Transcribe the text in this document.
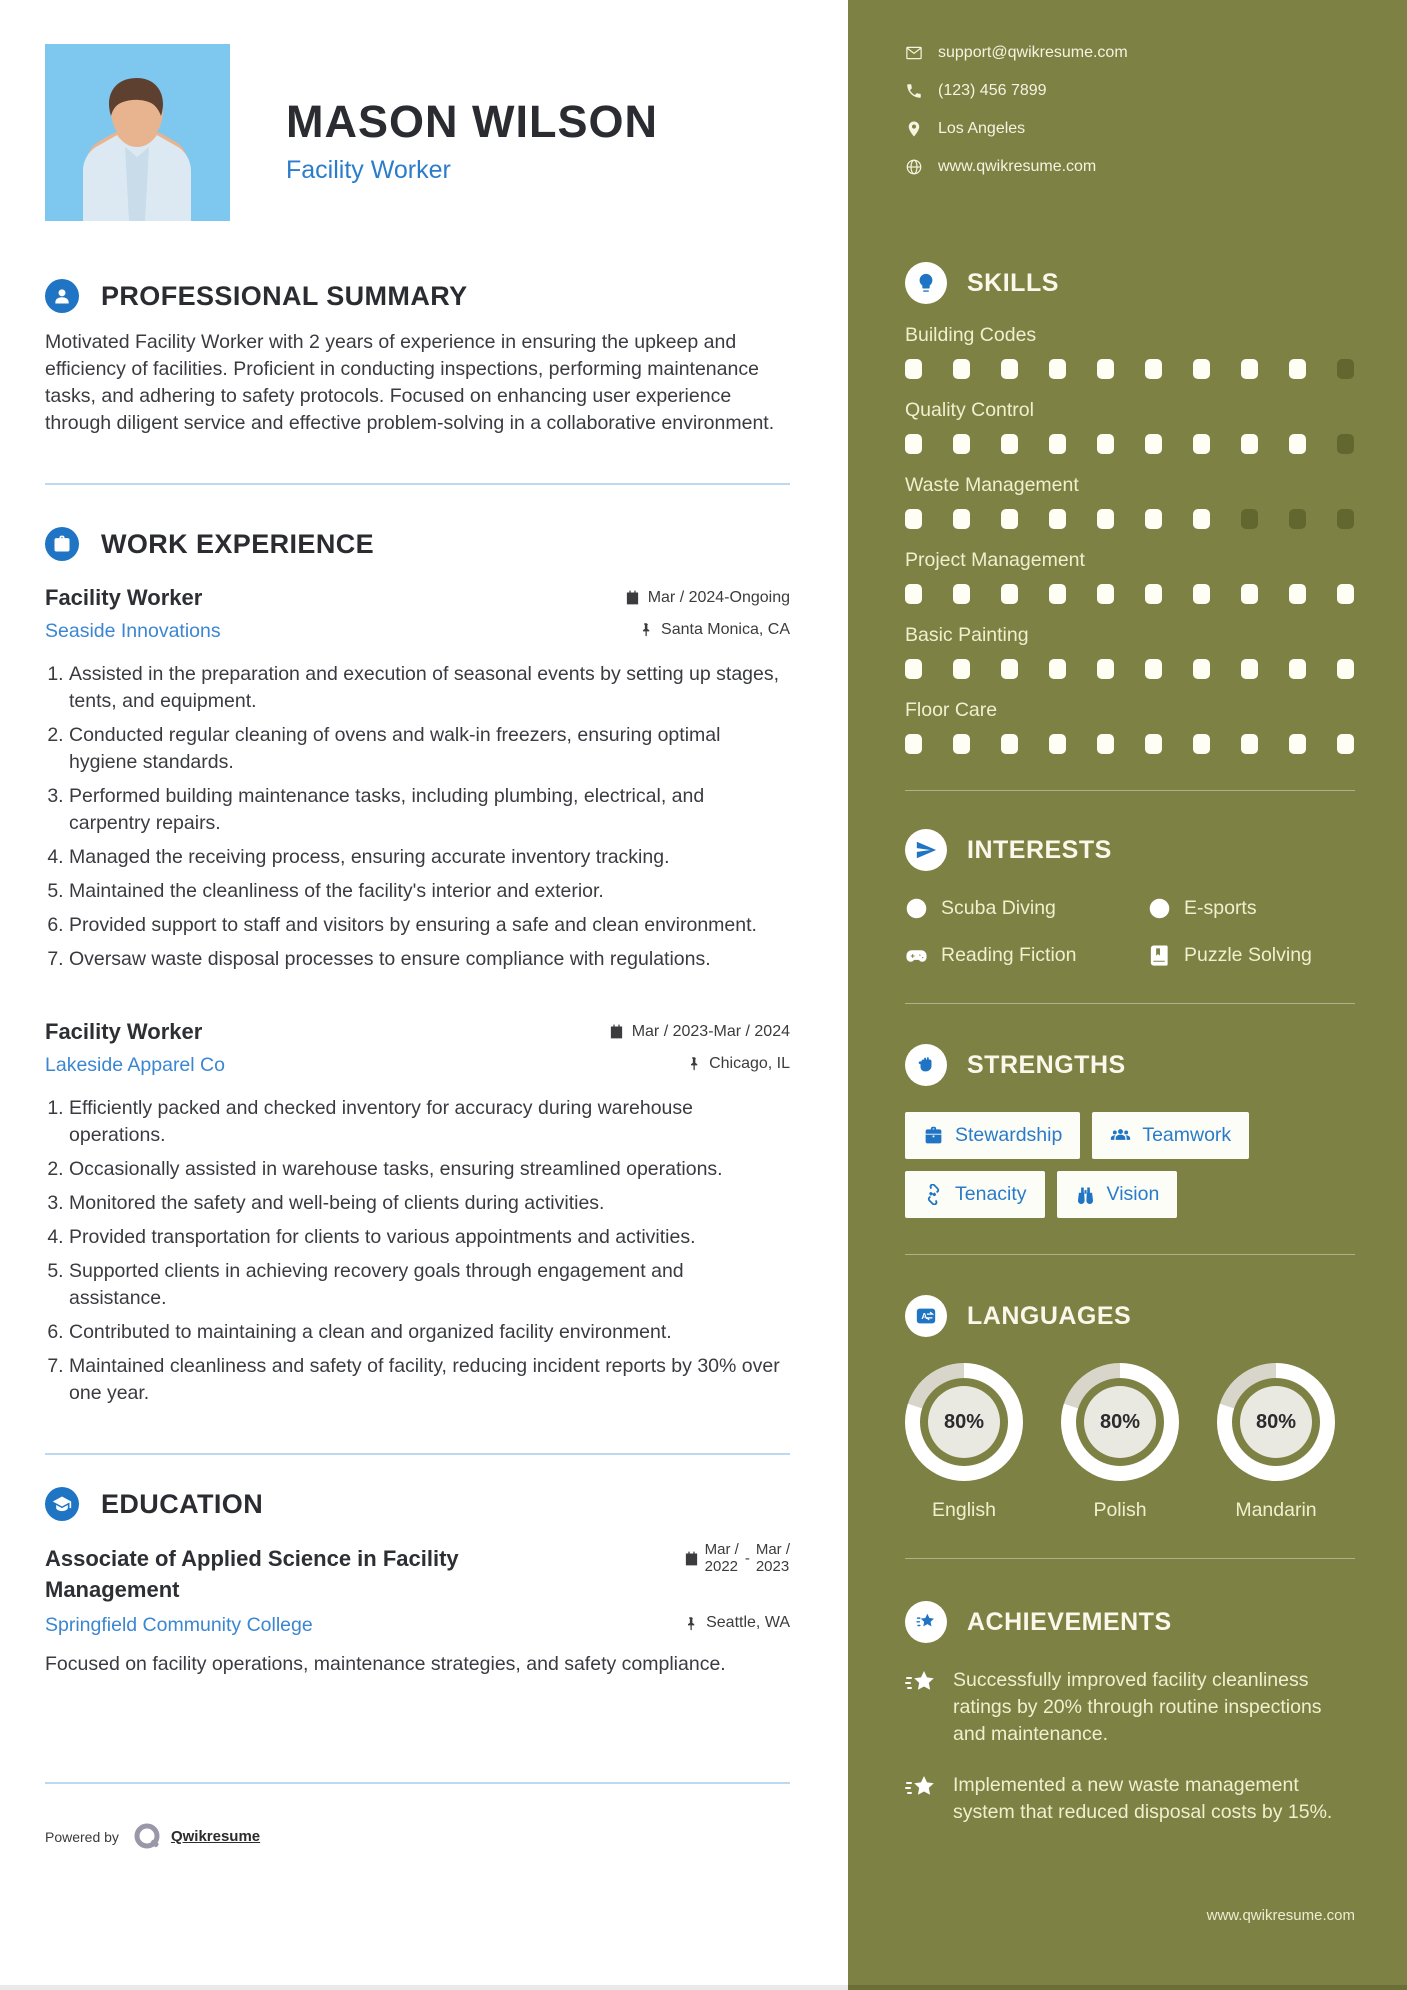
MASON WILSON
Facility Worker
PROFESSIONAL SUMMARY

Motivated Facility Worker with 2 years of experience in ensuring the upkeep and efficiency of facilities. Proficient in conducting inspections, performing maintenance tasks, and adhering to safety protocols. Focused on enhancing user experience through diligent service and effective problem-solving in a collaborative environment.

WORK EXPERIENCE
Facility Worker	Mar / 2024-Ongoing
Seaside Innovations	Santa Monica, CA
1. Assisted in the preparation and execution of seasonal events by setting up stages, tents, and equipment.
2. Conducted regular cleaning of ovens and walk-in freezers, ensuring optimal hygiene standards.
3. Performed building maintenance tasks, including plumbing, electrical, and carpentry repairs.
4. Managed the receiving process, ensuring accurate inventory tracking.
5. Maintained the cleanliness of the facility's interior and exterior.
6. Provided support to staff and visitors by ensuring a safe and clean environment.
7. Oversaw waste disposal processes to ensure compliance with regulations.
Facility Worker	Mar / 2023-Mar / 2024
Lakeside Apparel Co	Chicago, IL
1. Efficiently packed and checked inventory for accuracy during warehouse operations.
2. Occasionally assisted in warehouse tasks, ensuring streamlined operations.
3. Monitored the safety and well-being of clients during activities.
4. Provided transportation for clients to various appointments and activities.
5. Supported clients in achieving recovery goals through engagement and assistance.
6. Contributed to maintaining a clean and organized facility environment.
7. Maintained cleanliness and safety of facility, reducing incident reports by 30% over one year.
EDUCATION
Associate of Applied Science in Facility Management
Mar /
2022 - Mar /
2023
Springfield Community College	Seattle, WA

Focused on facility operations, maintenance strategies, and safety compliance.

Powered by	Qwikresume
support@qwikresume.com
(123) 456 7899
Los Angeles
www.qwikresume.com
SKILLS
Building Codes
Quality Control
Waste Management
Project Management
Basic Painting
Floor Care
INTERESTS
Scuba Diving	E-sports
Reading Fiction	Puzzle Solving
STRENGTHS
Stewardship	Teamwork
Tenacity	Vision
A LANGUAGES
80%
English
80%
Polish
80%
Mandarin
ACHIEVEMENTS

Successfully improved facility cleanliness ratings by 20% through routine inspections and maintenance.

Implemented a new waste management system that reduced disposal costs by 15%.

www.qwikresume.com
